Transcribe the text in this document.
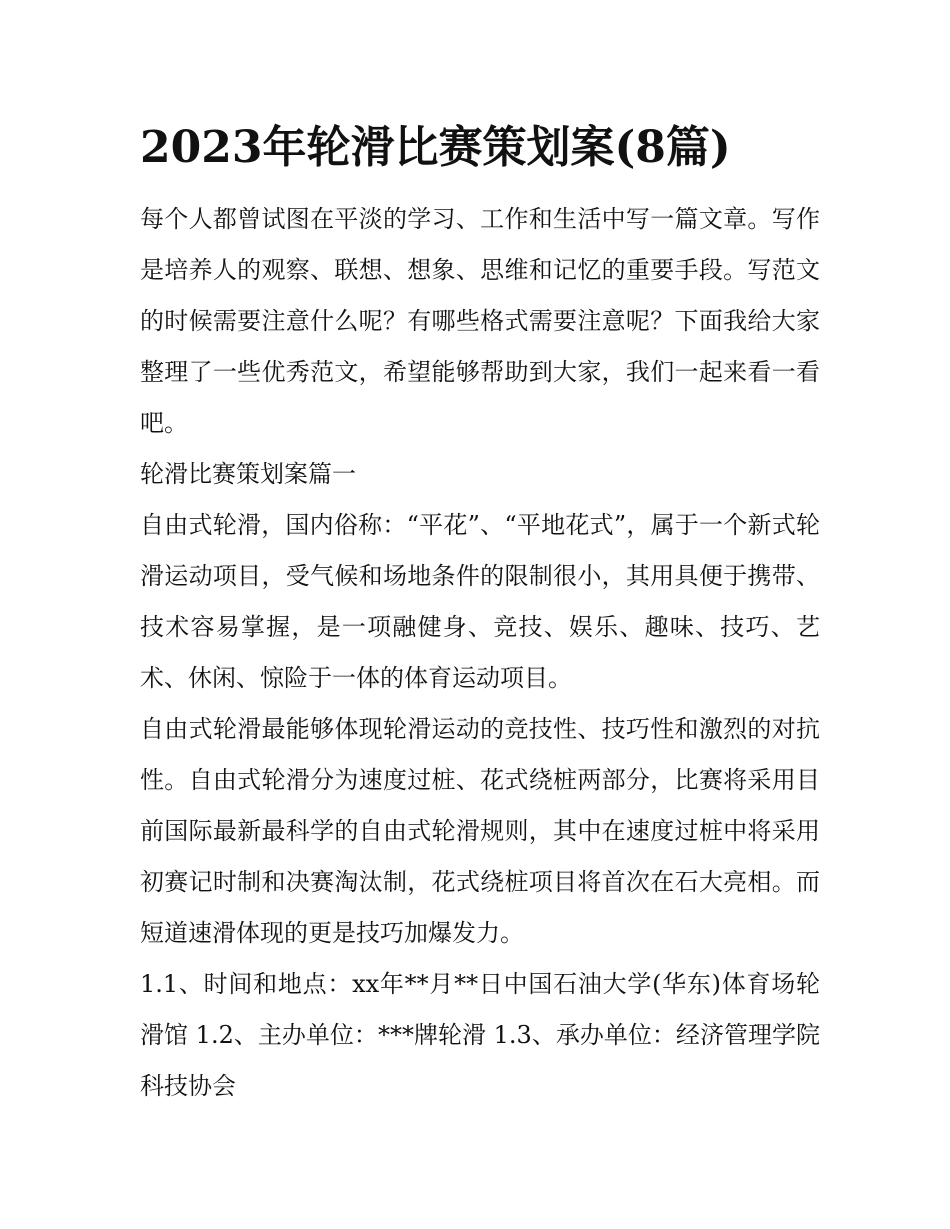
2023年轮滑比赛策划案(8篇)

每个人都曾试图在平淡的学习、工作和生活中写一篇文章。写作是培养人的观察、联想、想象、思维和记忆的重要手段。写范文的时候需要注意什么呢？有哪些格式需要注意呢？下面我给大家整理了一些优秀范文，希望能够帮助到大家，我们一起来看一看吧。

轮滑比赛策划案篇一

自由式轮滑，国内俗称：“平花”、“平地花式”，属于一个新式轮滑运动项目，受气候和场地条件的限制很小，其用具便于携带、技术容易掌握，是一项融健身、竞技、娱乐、趣味、技巧、艺术、休闲、惊险于一体的体育运动项目。

自由式轮滑最能够体现轮滑运动的竞技性、技巧性和激烈的对抗性。自由式轮滑分为速度过桩、花式绕桩两部分，比赛将采用目前国际最新最科学的自由式轮滑规则，其中在速度过桩中将采用初赛记时制和决赛淘汰制，花式绕桩项目将首次在石大亮相。而短道速滑体现的更是技巧加爆发力。

1.1、时间和地点：xx年**月**日中国石油大学(华东)体育场轮滑馆 1.2、主办单位：***牌轮滑 1.3、承办单位：经济管理学院科技协会
